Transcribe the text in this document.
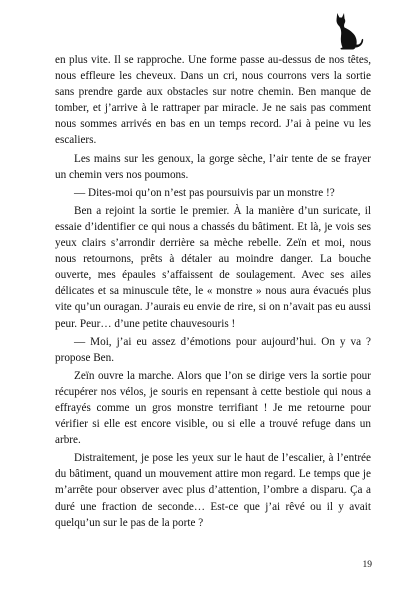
en plus vite. Il se rapproche. Une forme passe au-dessus de nos têtes, nous effleure les cheveux. Dans un cri, nous courrons vers la sortie sans prendre garde aux obstacles sur notre chemin. Ben manque de tomber, et j’arrive à le rattraper par miracle. Je ne sais pas comment nous sommes arrivés en bas en un temps record. J’ai à peine vu les escaliers.

Les mains sur les genoux, la gorge sèche, l’air tente de se frayer un chemin vers nos poumons.

— Dites-moi qu’on n’est pas poursuivis par un monstre !?

Ben a rejoint la sortie le premier. À la manière d’un suricate, il essaie d’identifier ce qui nous a chassés du bâtiment. Et là, je vois ses yeux clairs s’arrondir derrière sa mèche rebelle. Zeïn et moi, nous nous retournons, prêts à détaler au moindre danger. La bouche ouverte, mes épaules s’affaissent de soulagement. Avec ses ailes délicates et sa minuscule tête, le « monstre » nous aura évacués plus vite qu’un ouragan. J’aurais eu envie de rire, si on n’avait pas eu aussi peur. Peur… d’une petite chauvesouris !

— Moi, j’ai eu assez d’émotions pour aujourd’hui. On y va ? propose Ben.

Zeïn ouvre la marche. Alors que l’on se dirige vers la sortie pour récupérer nos vélos, je souris en repensant à cette bestiole qui nous a effrayés comme un gros monstre terrifiant ! Je me retourne pour vérifier si elle est encore visible, ou si elle a trouvé refuge dans un arbre.

Distraitement, je pose les yeux sur le haut de l’escalier, à l’entrée du bâtiment, quand un mouvement attire mon regard. Le temps que je m’arrête pour observer avec plus d’attention, l’ombre a disparu. Ça a duré une fraction de seconde… Est-ce que j’ai rêvé ou il y avait quelqu’un sur le pas de la porte ?

19
